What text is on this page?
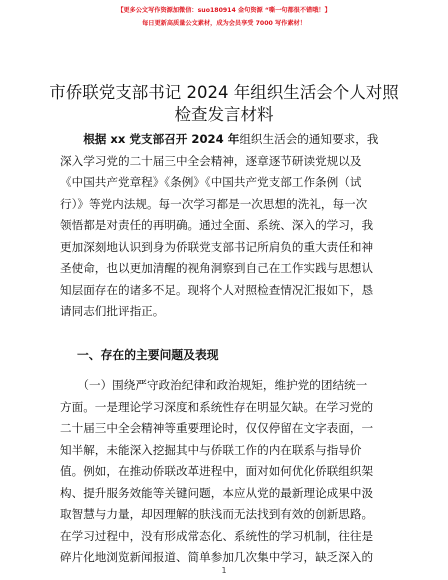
【更多公文写作资源加微信：suo180914 金句资源 “嘶一句都很不错哦！】
每日更新高质量公文素材，成为会员享受 7000 写作素材！
市侨联党支部书记 2024 年组织生活会个人对照
检查发言材料
　　根据 xx 党支部召开 2024 年组织生活会的通知要求，我
深入学习党的二十届三中全会精神，逐章逐节研读党规以及
《中国共产党章程》《条例》《中国共产党支部工作条例（试
行）》等党内法规。每一次学习都是一次思想的洗礼，每一次
领悟都是对责任的再明确。通过全面、系统、深入的学习，我
更加深刻地认识到身为侨联党支部书记所肩负的重大责任和神
圣使命，也以更加清醒的视角洞察到自己在工作实践与思想认
知层面存在的诸多不足。现将个人对照检查情况汇报如下，恳
请同志们批评指正。
一、存在的主要问题及表现
　　（一）围绕严守政治纪律和政治规矩，维护党的团结统一
方面。一是理论学习深度和系统性存在明显欠缺。在学习党的
二十届三中全会精神等重要理论时，仅仅停留在文字表面，一
知半解，未能深入挖掘其中与侨联工作的内在联系与指导价
值。例如，在推动侨联改革进程中，面对如何优化侨联组织架
构、提升服务效能等关键问题，本应从党的最新理论成果中汲
取智慧与力量，却因理解的肤浅而无法找到有效的创新思路。
在学习过程中，没有形成常态化、系统性的学习机制，往往是
碎片化地浏览新闻报道、简单参加几次集中学习，缺乏深入的
1
